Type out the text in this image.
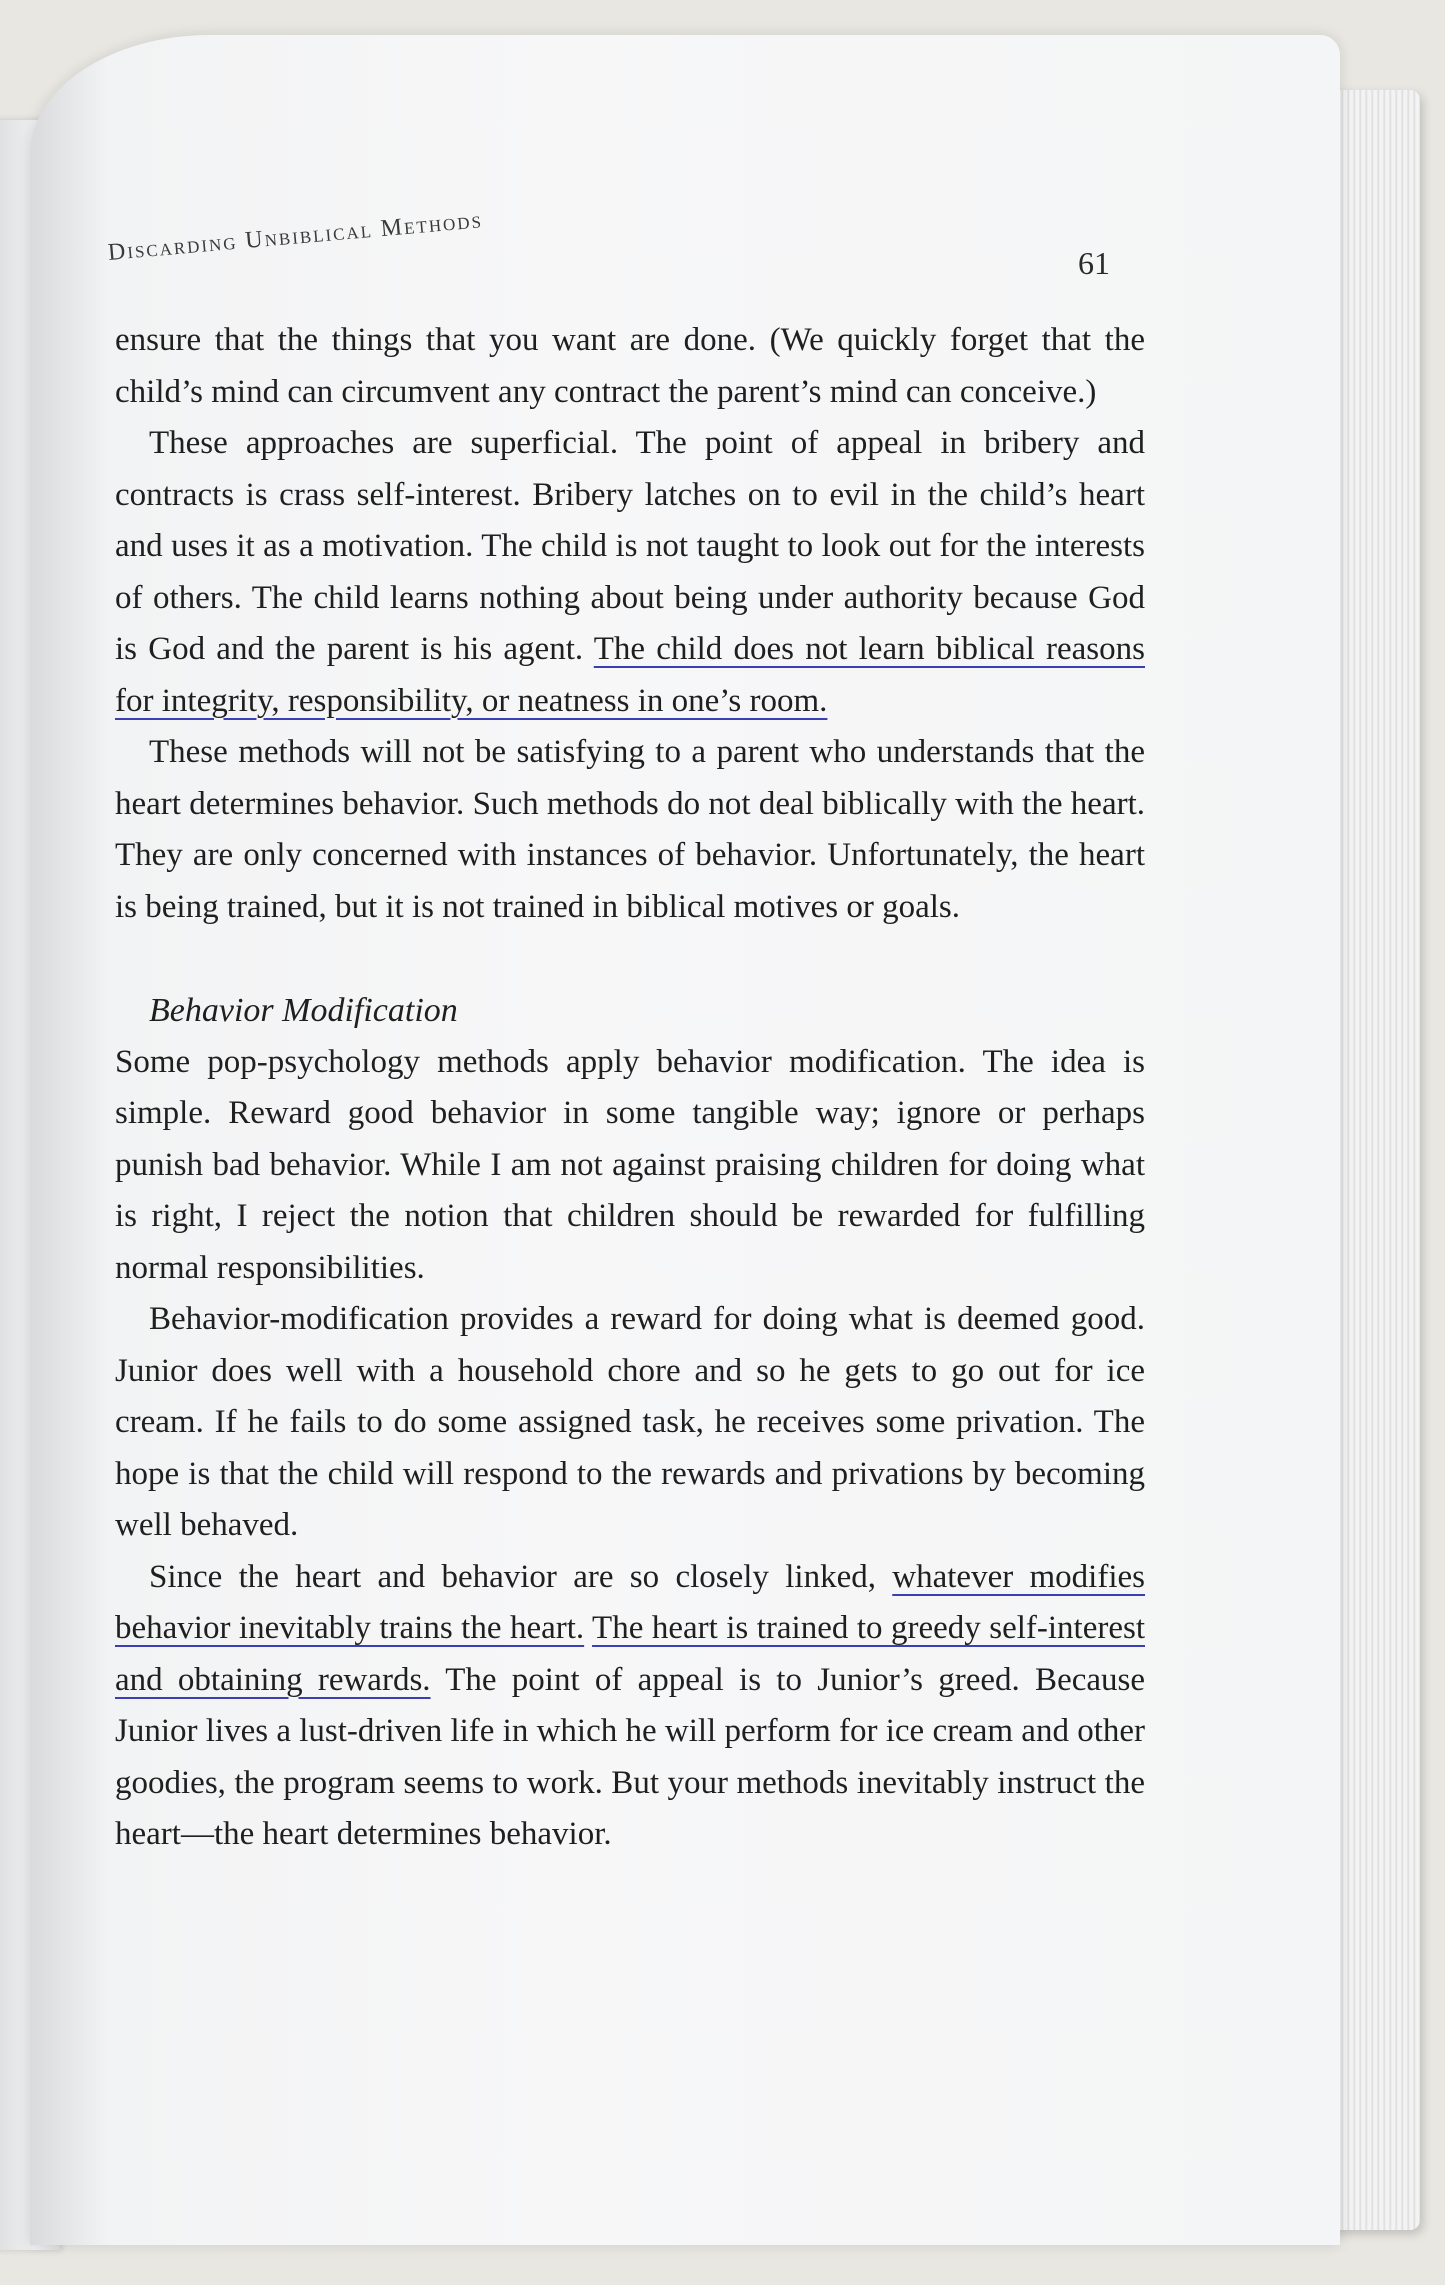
Discarding Unbiblical Methods	61

ensure that the things that you want are done. (We quickly forget that the child’s mind can circumvent any contract the parent’s mind can conceive.)

These approaches are superficial. The point of appeal in bribery and contracts is crass self-interest. Bribery latches on to evil in the child’s heart and uses it as a motivation. The child is not taught to look out for the interests of others. The child learns nothing about being under authority because God is God and the parent is his agent. The child does not learn biblical reasons for integrity, responsibility, or neatness in one’s room.

These methods will not be satisfying to a parent who understands that the heart determines behavior. Such methods do not deal biblically with the heart. They are only concerned with instances of behavior. Unfortunately, the heart is being trained, but it is not trained in biblical motives or goals.

Behavior Modification

Some pop-psychology methods apply behavior modification. The idea is simple. Reward good behavior in some tangible way; ignore or perhaps punish bad behavior. While I am not against praising children for doing what is right, I reject the notion that children should be rewarded for fulfilling normal responsibilities.

Behavior-modification provides a reward for doing what is deemed good. Junior does well with a household chore and so he gets to go out for ice cream. If he fails to do some assigned task, he receives some privation. The hope is that the child will respond to the rewards and privations by becoming well behaved.

Since the heart and behavior are so closely linked, whatever modifies behavior inevitably trains the heart. The heart is trained to greedy self-interest and obtaining rewards. The point of appeal is to Junior’s greed. Because Junior lives a lust-driven life in which he will perform for ice cream and other goodies, the program seems to work. But your methods inevitably instruct the heart—the heart determines behavior.
